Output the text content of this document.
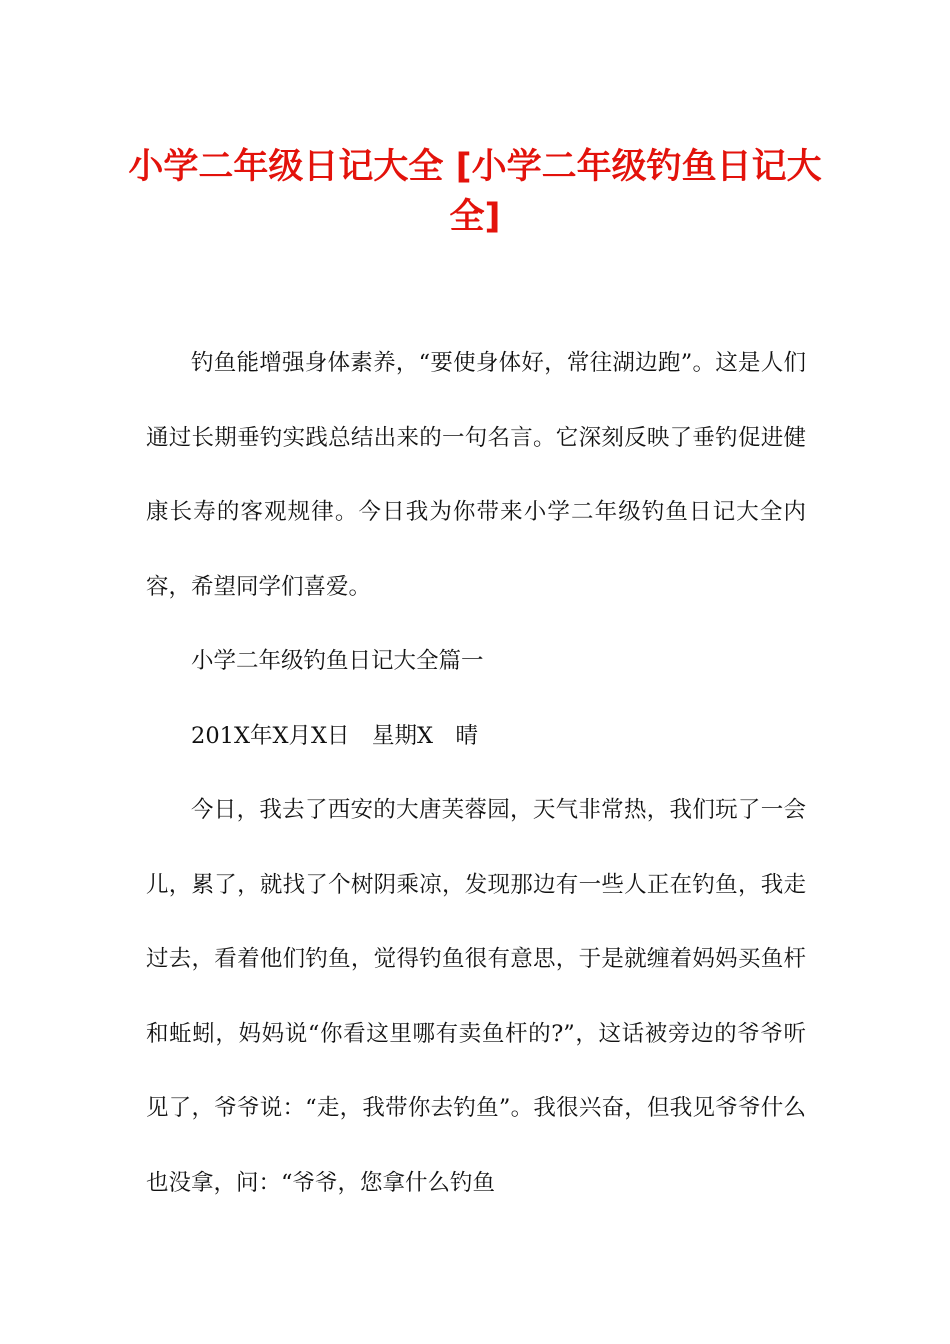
小学二年级日记大全 [小学二年级钓鱼日记大全]

钓鱼能增强身体素养，“要使身体好，常往湖边跑”。这是人们通过长期垂钓实践总结出来的一句名言。它深刻反映了垂钓促进健康长寿的客观规律。今日我为你带来小学二年级钓鱼日记大全内容，希望同学们喜爱。

小学二年级钓鱼日记大全篇一

201X年X月X日　星期X　晴

今日，我去了西安的大唐芙蓉园，天气非常热，我们玩了一会儿，累了，就找了个树阴乘凉，发现那边有一些人正在钓鱼，我走过去，看着他们钓鱼，觉得钓鱼很有意思，于是就缠着妈妈买鱼杆和蚯蚓，妈妈说“你看这里哪有卖鱼杆的?”，这话被旁边的爷爷听见了，爷爷说：“走，我带你去钓鱼”。我很兴奋，但我见爷爷什么也没拿，问：“爷爷，您拿什么钓鱼
